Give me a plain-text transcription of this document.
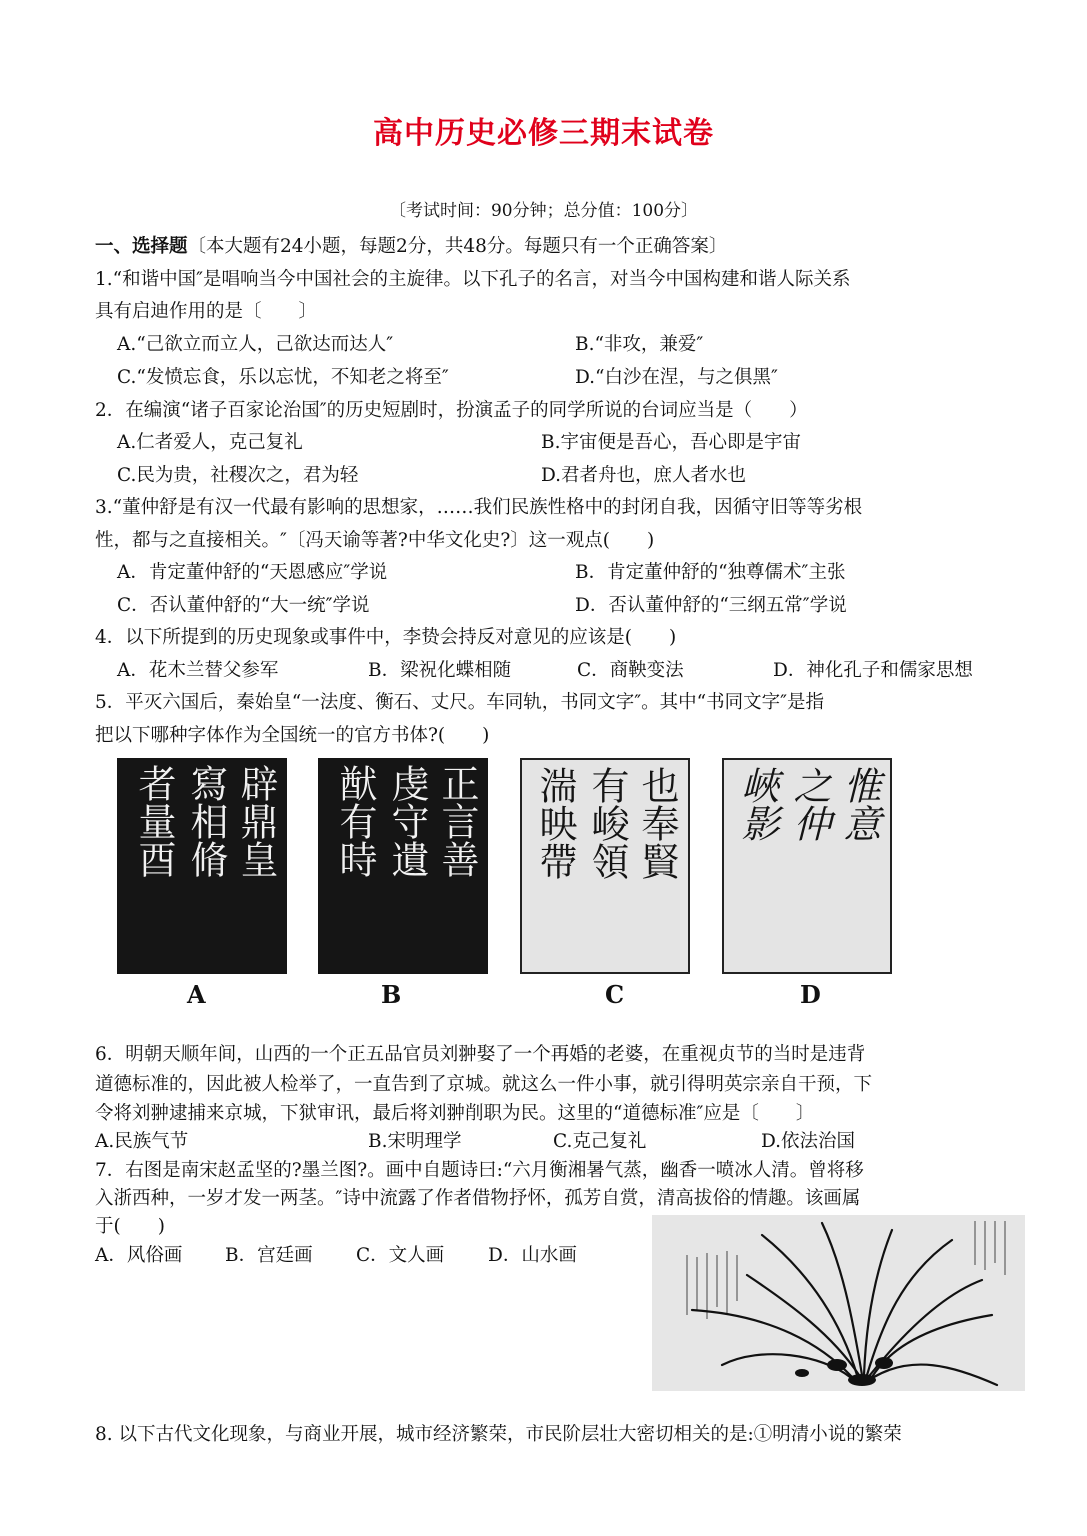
高中历史必修三期末试卷
〔考试时间：90分钟；总分值：100分〕
一、选择题〔本大题有24小题，每题2分，共48分。每题只有一个正确答案〕
1.“和谐中国″是唱响当今中国社会的主旋律。以下孔子的名言，对当今中国构建和谐人际关系
具有启迪作用的是〔　　〕
A.“己欲立而立人，己欲达而达人″	B.“非攻，兼爱″
C.“发愤忘食，乐以忘忧，不知老之将至″	D.“白沙在涅，与之俱黑″
2．在编演“诸子百家论治国″的历史短剧时，扮演孟子的同学所说的台词应当是（　　）
A.仁者爱人，克己复礼	B.宇宙便是吾心，吾心即是宇宙
C.民为贵，社稷次之，君为轻	D.君者舟也，庶人者水也
3.“董仲舒是有汉一代最有影响的思想家，……我们民族性格中的封闭自我，因循守旧等等劣根
性，都与之直接相关。″〔冯天谕等著?中华文化史?〕这一观点(　　)
A．肯定董仲舒的“天恩感应″学说	B．肯定董仲舒的“独尊儒术″主张
C．否认董仲舒的“大一统″学说	D．否认董仲舒的“三纲五常″学说
4．以下所提到的历史现象或事件中，李贽会持反对意见的应该是(　　)
A．花木兰替父参军	B．梁祝化蝶相随	C．商鞅变法	D．神化孔子和儒家思想
5．平灭六国后，秦始皇“一法度、衡石、丈尺。车同轨，书同文字″。其中“书同文字″是指
把以下哪种字体作为全国统一的官方书体?(　　)
辟鼎皇
寫相脩
者量酉	正言善
虔守遺
猷有時	也奉賢
有峻領
湍映帶	惟意
之仲
峽影
A	B	C	D
6．明朝天顺年间，山西的一个正五品官员刘翀娶了一个再婚的老婆，在重视贞节的当时是违背
道德标准的，因此被人检举了，一直告到了京城。就这么一件小事，就引得明英宗亲自干预，下
令将刘翀逮捕来京城，下狱审讯，最后将刘翀削职为民。这里的“道德标准″应是〔　　〕
A.民族气节	B.宋明理学	C.克己复礼	D.依法治国
7．右图是南宋赵孟坚的?墨兰图?。画中自题诗曰:“六月衡湘暑气蒸，幽香一喷冰人清。曾将移
入浙西种，一岁才发一两茎。″诗中流露了作者借物抒怀，孤芳自赏，清高拔俗的情趣。该画属
于(　　)
A．风俗画 B．宫廷画 C．文人画 D．山水画
8. 以下古代文化现象，与商业开展，城市经济繁荣，市民阶层壮大密切相关的是:①明清小说的繁荣
